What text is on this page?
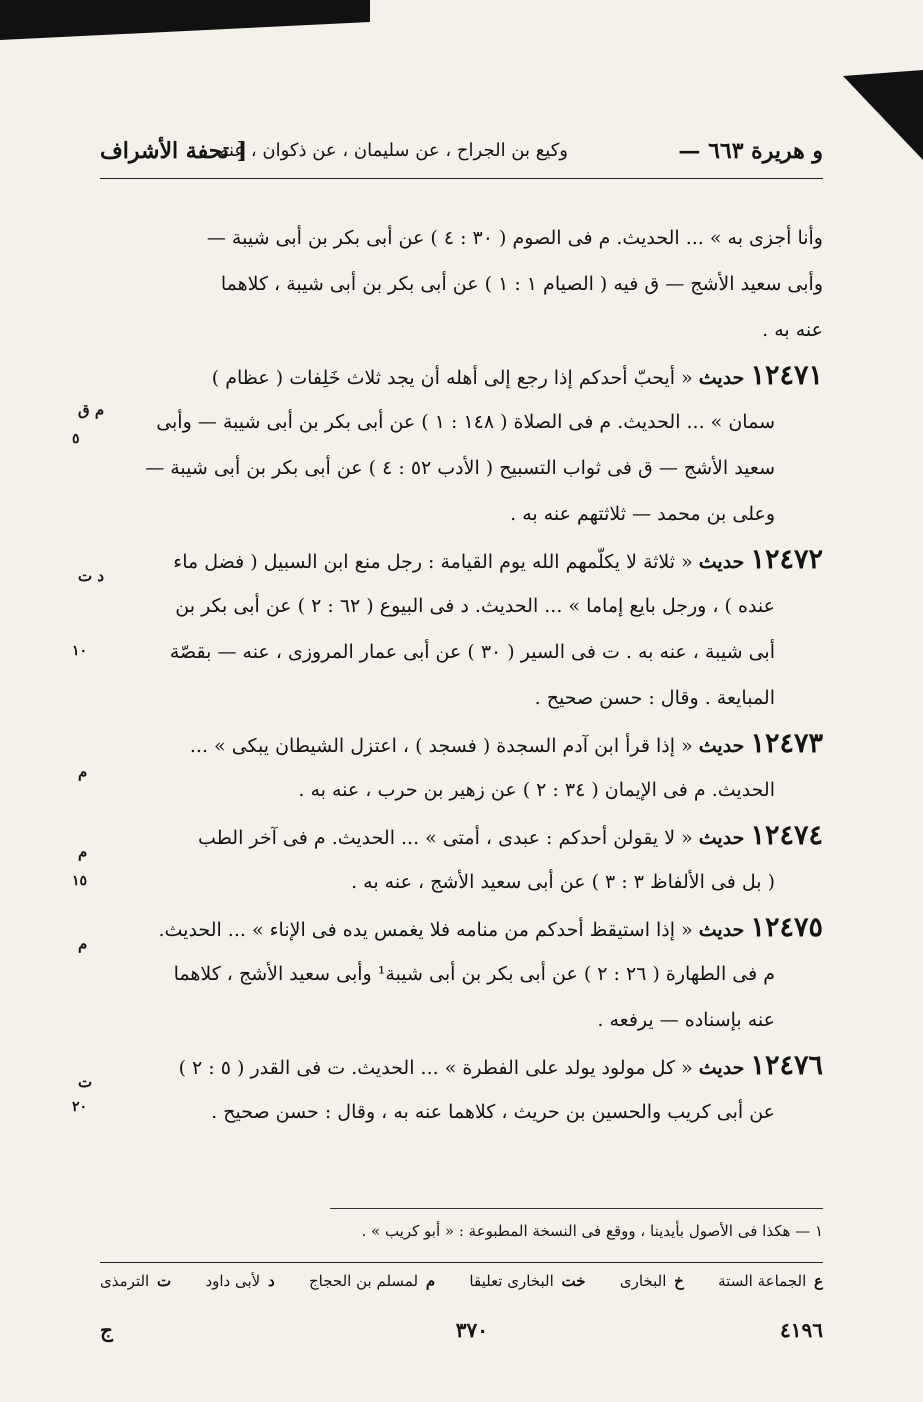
و هريرة ٦٦٣ —
وكيع بن الجراح ، عن سليمان ، عن ذكوان ، عنه
[ تحفة الأشراف
وأنا أجزى به » ... الحديث. م فى الصوم ( ٣٠ : ٤ ) عن أبى بكر بن أبى شيبة —
وأبى سعيد الأشج — ق فيه ( الصيام ١ : ١ ) عن أبى بكر بن أبى شيبة ، كلاهما
عنه به .
١٢٤٧١ حديث « أيحبّ أحدكم إذا رجع إلى أهله أن يجد ثلاث خَلِفات ( عظام )
م ق
٥
سمان » ... الحديث. م فى الصلاة ( ١٤٨ : ١ ) عن أبى بكر بن أبى شيبة — وأبى
سعيد الأشج — ق فى ثواب التسبيح ( الأدب ٥٢ : ٤ ) عن أبى بكر بن أبى شيبة —
وعلى بن محمد — ثلاثتهم عنه به .
١٢٤٧٢ حديث « ثلاثة لا يكلّمهم الله يوم القيامة : رجل منع ابن السبيل ( فضل ماء
د ت
١٠
عنده ) ، ورجل بايع إماما » ... الحديث. د فى البيوع ( ٦٢ : ٢ ) عن أبى بكر بن
أبى شيبة ، عنه به . ت فى السير ( ٣٠ ) عن أبى عمار المروزى ، عنه — بقصّة
المبايعة . وقال : حسن صحيح .
١٢٤٧٣ حديث « إذا قرأ ابن آدم السجدة ( فسجد ) ، اعتزل الشيطان يبكى » ...
م
الحديث. م فى الإيمان ( ٣٤ : ٢ ) عن زهير بن حرب ، عنه به .
١٢٤٧٤ حديث « لا يقولن أحدكم : عبدى ، أمتى » ... الحديث. م فى آخر الطب
م
١٥	( بل فى الألفاظ ٣ : ٣ ) عن أبى سعيد الأشج ، عنه به .
١٢٤٧٥ حديث « إذا استيقظ أحدكم من منامه فلا يغمس يده فى الإناء » ... الحديث.
م
م فى الطهارة ( ٢٦ : ٢ ) عن أبى بكر بن أبى شيبة¹ وأبى سعيد الأشج ، كلاهما
عنه بإسناده — يرفعه .
١٢٤٧٦ حديث « كل مولود يولد على الفطرة » ... الحديث. ت فى القدر ( ٥ : ٢ )
ت
٢٠	عن أبى كريب والحسين بن حريث ، كلاهما عنه به ، وقال : حسن صحيح .
١ — هكذا فى الأصول بأيدينا ، ووقع فى النسخة المطبوعة : « أبو كريب » .
ع الجماعة الستة
خ البخارى
خت البخارى تعليقا
م لمسلم بن الحجاج
د لأبى داود
ت الترمذى
٤١٩٦
٣٧٠
ج
